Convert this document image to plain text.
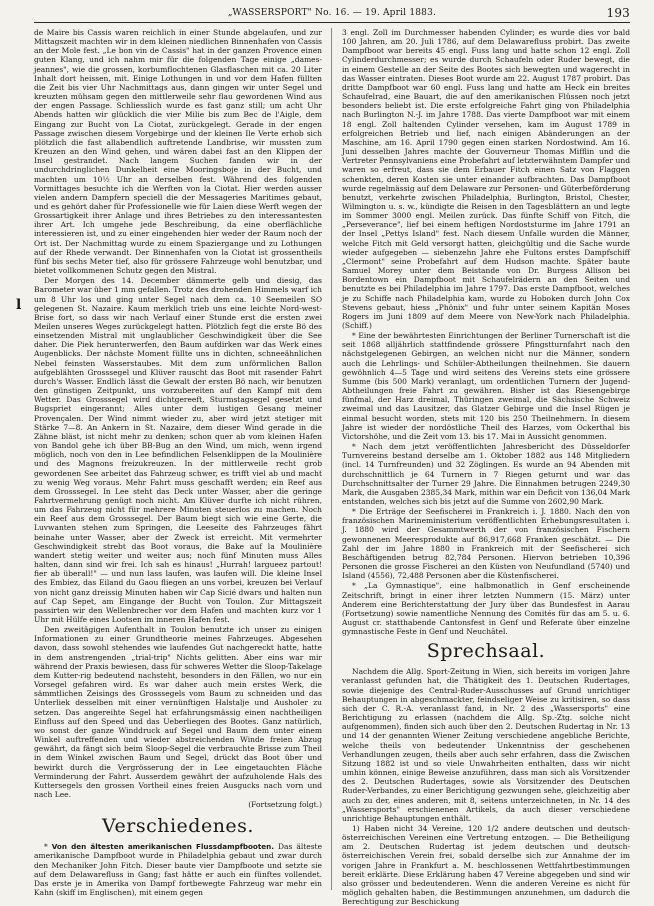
„WASSERSPORT" No. 16. — 19. April 1883.	193
l

de Maire bis Cassis waren reichlich in einer Stunde abgelaufen, und zur Mittagszeit machten wir in dem kleinen niedlichen Binnenhafen von Cassis an der Mole fest. „Le bon vin de Cassis" hat in der ganzen Provence einen guten Klang, und ich nahm mir für die folgenden Tage einige „dames-jeannes", wie die grossen, korbumflochtenen Glasflaschen mit ca. 20 Liter Inhalt dort heissen, mit. Einige Lothungen in und vor dem Hafen füllten die Zeit bis vier Uhr Nachmittags aus, dann gingen wir unter Segel und kreuzten mühsam gegen den mittlerweile sehr flau gewordenen Wind aus der engen Passage. Schliesslich wurde es fast ganz still; um acht Uhr Abends hatten wir glücklich die vier Milie bis zum Bec de l'Aigle, dem Eingang zur Bucht von La Ciotat, zurückgelegt. Gerade in der engen Passage zwischen diesem Vorgebirge und der kleinen Ile Verte erhob sich plötzlich die fast allabendlich auftretende Landbrise, wir mussten zum Kreuzen an den Wind gehen, und wären dabei fast an den Klippen der Insel gestrandet. Nach langem Suchen fanden wir in der undurchdringlichen Dunkelheit eine Mooringsboje in der Bucht, und machten um 10½ Uhr an derselben fest. Während des folgenden Vormittages besuchte ich die Werften von la Ciotat. Hier werden ausser vielen andern Dampfern speciell die der Messageries Maritimes gebaut, und es gehört daher für Professionelle wie für Laien diese Werft wegen der Grossartigkeit ihrer Anlage und ihres Betriebes zu den interessantesten ihrer Art. Ich umgehe jede Beschreibung, da eine oberflächliche interessieren ist, und zu einer eingehenden hier weder der Raum noch der Ort ist. Der Nachmittag wurde zu einem Spaziergange und zu Lothungen auf der Rhede verwandt. Der Binnenhafen von la Ciotat ist grossentheils fünf bis sechs Meter tief, also für grössere Fahrzeuge wohl benutzbar, und bietet vollkommenen Schutz gegen den Mistral.

Der Morgen des 14. December dämmerte gelb und diesig, das Barometer war über 1 mm gefallen. Trotz des drohenden Himmels warf ich um 8 Uhr los und ging unter Segel nach dem ca. 10 Seemeilen SO gelegenen St. Nazaire. Kaum merklich trieb uns eine leichte Nord-west-Brise fort, so dass wir nach Verlauf einer Stunde erst die ersten zwei Meilen unseres Weges zurückgelegt hatten. Plötzlich fegt die erste Bö des einsetzenden Mistral mit unglaublicher Geschwindigkeit über die See daher. Die Piek herunterwerfen, den Baum aufdirken war das Werk eines Augenblicks. Der nächste Moment füllte uns in dichten, schneeähnlichen Nebel feinsten Wasserstaubes. Mit dem zum unförmlichen Ballon aufgeblähten Grosssegel und Klüver rauscht das Boot mit rasender Fahrt durch's Wasser. Endlich lässt die Gewalt der ersten Bö nach, wir benutzen den günstigen Zeitpunkt, uns vorzubereiten auf den Kampf mit dem Wetter. Das Grosssegel wird dichtgereeft, Sturmstagsegel gesetzt und Bugspriet eingerannt; Alles unter dem lustigen Gesang meiner Provençalen. Der Wind nimmt wieder zu, aber wird jetzt stetiger mit Stärke 7—8. An Ankern in St. Nazaire, dem dieser Wind gerade in die Zähne bläst, ist nicht mehr zu denken; schon quer ab vom kleinen Hafen von Bandol gehe ich über BB-Bug an den Wind, um mich, wenn irgend möglich, noch von den in Lee befindlichen Felsenklippen de la Moulinière und des Magnons freizukreuzen. In der mittlerweile recht grob gewordenen See arbeitet das Fahrzeug schwer, es trifft viel ab und macht zu wenig Weg voraus. Mehr Fahrt muss geschafft werden; ein Reef aus dem Grosssegel. In Lee steht das Deck unter Wasser, aber die geringe Fahrtvermehrung genügt noch nicht. Am Klüver durfte ich nicht rühren, um das Fahrzeug nicht für mehrere Minuten steuerlos zu machen. Noch ein Reef aus dem Grosssegel. Der Baum biegt sich wie eine Gerte, die Luvwanten stehen zum Springen, die Leeseite des Fahrzeuges fährt beinahe unter Wasser, aber der Zweck ist erreicht. Mit vermehrter Geschwindigkeit strebt das Boot voraus, die Bake auf la Moulinière wandert stetig weiter und weiter aus; noch fünf Minuten muss Alles halten, dann sind wir frei. Ich sah es hinaus! „Hurrah! largueez partout! fier ab überall!" — und nun lass laufen, was laufen will. Die kleine Insel des Embiez, das Eiland du Gaou fliegen an uns vorbei, kreuzen bei Verlauf von nicht ganz dreissig Minuten haben wir Cap Sicié dwars und halten nun auf Cap Sepet, am Eingange der Bucht von Toulon. Zur Mittagszeit passirten wir den Wellenbrecher vor dem Hafen und machten kurz vor 1 Uhr mit Hülfe eines Lootsen im inneren Hafen fest.

Den zweitägigen Aufenthalt in Toulon benutzte ich unser zu einigen Informationen zu einer Grundtheorie meines Fahrzeuges. Abgesehen davon, dass sowohl stehendes wie laufendes Gut nachgereckt hatte, hatte in dem anstrengenden „trial-trip" Nichts gelitten. Aber eins war mir während der Praxis bewiesen, dass für schweres Wetter die Sloop-Takelage dem Kutter-rig bedeutend nachsteht, besonders in den Fällen, wo nur ein Vorsegel gefahren wird. Es war daher auch mein erstes Werk, die sämmtlichen Zeisings des Grosssegels vom Baum zu schneiden und das Unterliek desselben mit einer vernünftigen Halstalje und Ausholer zu setzen. Das angereihte Segel hat erfahrungsmässig einen nachtheiligen Einfluss auf den Speed und das Ueberliegen des Bootes. Ganz natürlich, wo sonst der ganze Winddruck auf Segel und Baum dem unter einem Winkel auftreffenden und wieder abstreichenden Winde freien Abzug gewährt, da fängt sich beim Sloop-Segel die verbrauchte Brisse zum Theil in dem Winkel zwischen Baum und Segel, drückt das Boot über und bewirkt durch die Vergrösserung der in Lee eingetauchten Fläche Verminderung der Fahrt. Ausserdem gewährt der aufzuholende Hals des Kuttersegels den grossen Vortheil eines freien Ausgucks nach vorn und nach Lee.

(Fortsetzung folgt.)
Verschiedenes.

* Von den ältesten amerikanischen Flussdampfbooten. Das älteste amerikanische Dampfboot wurde in Philadelphia gebaut und zwar durch den Mechaniker John Fitch. Dieser baute vier Dampfboote und setzte sie auf dem Delawarefluss in Gang; fast hätte er auch ein fünftes vollendet. Das erste je in Amerika von Dampf fortbewegte Fahrzeug war mehr ein Kahn (skiff im Englischen), mit einem gegen

3 engl. Zoll im Durchmesser habenden Cylinder; es wurde dies vor bald 100 Jahren, am 20. Juli 1786, auf dem Delawarefluss probirt. Das zweite Dampfboot war bereits 45 engl. Fuss lang und hatte schon 12 engl. Zoll Cylinderdurchmesser; es wurde durch Schaufeln oder Ruder bewegt, die in einem Gestelle an der Seite des Bootes sich bewegten und wagerecht in das Wasser eintraten. Dieses Boot wurde am 22. August 1787 probirt. Das dritte Dampfboot war 60 engl. Fuss lang und hatte am Heck ein breites Schaufelrad, eine Bauart, die auf den amerikanischen Flüssen noch jetzt besonders beliebt ist. Die erste erfolgreiche Fahrt ging von Philadelphia nach Burlington N.-J. im Jahre 1788. Das vierte Dampfboot war mit einem 18 engl. Zoll haltenden Cylinder versehen, kam im August 1789 in erfolgreichen Betrieb und lief, nach einigen Abänderungen an der Maschine, am 16. April 1790 gegen einen starken Nordostwind. Am 16. Juni desselben Jahres machte der Gouverneur Thomas Mifflin und die Vertreter Pennsylvaniens eine Probefahrt auf letzterwähntem Dampfer und waren so erfreut, dass sie dem Erbauer Fitch einen Satz von Flaggen schenkten, deren Kosten sie unter einander aufbrachten. Das Dampfboot wurde regelmässig auf dem Delaware zur Personen- und Güterbeförderung benutzt, verkehrte zwischen Philadelphia, Burlington, Bristol, Chester, Wilmington u. s. w., kündigte die Reisen in den Tagesblättern an und legte im Sommer 3000 engl. Meilen zurück. Das fünfte Schiff von Fitch, die „Perseverance", lief bei einem heftigen Nordoststurme im Jahre 1791 an der Insel „Pettys Island" fest. Nach diesem Unfalle wurden die Männer, welche Fitch mit Geld versorgt hatten, gleichgültig und die Sache wurde wieder aufgegeben — siebenzehn Jahre ehe Fultons erstes Dampfschiff „Clermont" seine Probefahrt auf dem Hudson machte. Später baute Samuel Morey unter dem Beistande von Dr. Burgess Allison bei Bordentown ein Dampfboot mit Schaufelrädern an den Seiten und benutzte es bei Philadelphia im Jahre 1797. Das erste Dampfboot, welches je zu Schiffe nach Philadelphia kam, wurde zu Hoboken durch John Cox Stevens gebaut, hiess „Phönix" und fuhr unter seinem Kapitän Moses Rogers im Juni 1809 auf dem Meere von New-York nach Philadelphia. (Schiff.)

* Eine der bewährtesten Einrichtungen der Berliner Turnerschaft ist die seit 1868 alljährlich stattfindende grössere Pfingstturnfahrt nach den nächstgelegenen Gebirgen, an welchen nicht nur die Männer, sondern auch die Lehrlings- und Schüler-Abtheilungen theilnehmen. Sie dauern gewöhnlich 4—5 Tage und wird seitens des Vereins stets eine grössere Summe (bis 500 Mark) veranlagt, um ordentlichen Turnern der Jugend-Abtheilungen freie Fahrt zu gewähren. Bisher ist das Riesengebirge fünfmal, der Harz dreimal, Thüringen zweimal, die Sächsische Schweiz zweimal und das Lausitzer, das Glatzer Gebirge und die Insel Rügen je einmal besucht worden, stets mit 120 bis 250 Theilnehmern. In diesem Jahre ist wieder der nordöstliche Theil des Harzes, vom Ockerthal bis Victorshöhe, und die Zeit vom 13. bis 17. Mai in Aussicht genommen.

* Nach dem jetzt veröffentlichten Jahresbericht des Düsseldorfer Turnvereins bestand derselbe am 1. Oktober 1882 aus 148 Mitgliedern (incl. 14 Turnfreunden) und 32 Zöglingen. Es wurde an 94 Abenden mit durchschnittlich je 64 Turnern in 7 Riegen geturnt und war das Durchschnittsalter der Turner 29 Jahre. Die Einnahmen betrugen 2249,30 Mark, die Ausgaben 2385,34 Mark, mithin war ein Deficit von 136,04 Mark entstanden, welches sich bis jetzt auf die Summe von 2602,90 Mark.

* Die Erträge der Seefischerei in Frankreich i. J. 1880. Nach den von französischen Marineministerium veröffentlichten Erhebungsresultaten i. J. 1880 wird der Gesammtwerth der von französischen Fischern gewonnenen Meeresprodukte auf 86,917,668 Franken geschätzt. — Die Zahl der im Jahre 1880 in Frankreich mit der Seefischerei sich Beschäftigenden betrug 82,784 Personen. Hiervon betrieben 10,396 Personen die grosse Fischerei an den Küsten von Neufundland (5740) und Island (4556), 72,488 Personen aber die Küstenfischerei.

* „La Gymnastique", eine halbmonatlich in Genf erscheinende Zeitschrift, bringt in einer ihrer letzten Nummern (15. März) unter Anderem eine Berichterstattung der Jury über das Bundesfest in Aarau (Fortsetzung) sowie namentliche Nennung des Comités für das am 5. u. 6. August cr. statthabende Cantonsfest in Genf und Referate über einzelne gymnastische Feste in Genf und Neuchâtel.

Sprechsaal.

Nachdem die Allg. Sport-Zeitung in Wien, sich bereits im vorigen Jahre veranlasst gefunden hat, die Thätigkeit des 1. Deutschen Rudertages, sowie diejenige des Central-Ruder-Ausschusses auf Grund unrichtiger Behauptungen in abgeschmackter, feindseliger Weise zu kritisiren, so dass sich der C. R.-A. veranlasst fand, in Nr. 2 des „Wassersports" eine Berichtigung zu erlassen (nachdem die Allg. Sp.-Ztg. solche nicht aufgenommen), finden sich auch über den 2. Deutschen Rudertag in Nr. 13 und 14 der genannten Wiener Zeitung verschiedene angebliche Berichte, welche theils von bedeutender Unkenntniss der geschehenen Verhandlungen zeugen, theils aber auch sehr erfahren, dass die Zwischen Sitzung 1882 ist und so viele Unwahrheiten enthalten, dass wir nicht umhin können, einige Beweise anzuführen, dass man sich als Vorsitzender des 2. Deutschen Rudertages, sowie als Vorsitzender des Deutschen Ruder-Verbandes, zu einer Berichtigung gezwungen sehe, gleichzeitig aber auch zu der, eines anderen, mit 8, seitens unterzeichneten, in Nr. 14 des „Wassersports" erschienenen Artikels, da auch dieser verschiedene unrichtige Behauptungen enthält.

1) Haben nicht 34 Vereine, 120 1/2 andere deutschen und deutsch-österreichischen Vereinen eine Vertretung entzogen. — Die Betheiligung am 2. Deutschen Rudertag ist jedem deutschen und deutsch-österreichischen Verein frei, sobald derselbe sich zur Annahme der im vorigen Jahre in Frankfurt a. M. beschlossenen Wettfahrtbestimmungen bereit erklärte. Diese Erklärung haben 47 Vereine abgegeben und sind wir also grösser und bedeutenderen. Wenn die anderen Vereine es nicht für möglich gehalten haben, die Bestimmungen anzunehmen, um dadurch die Berechtigung zur Beschickung
